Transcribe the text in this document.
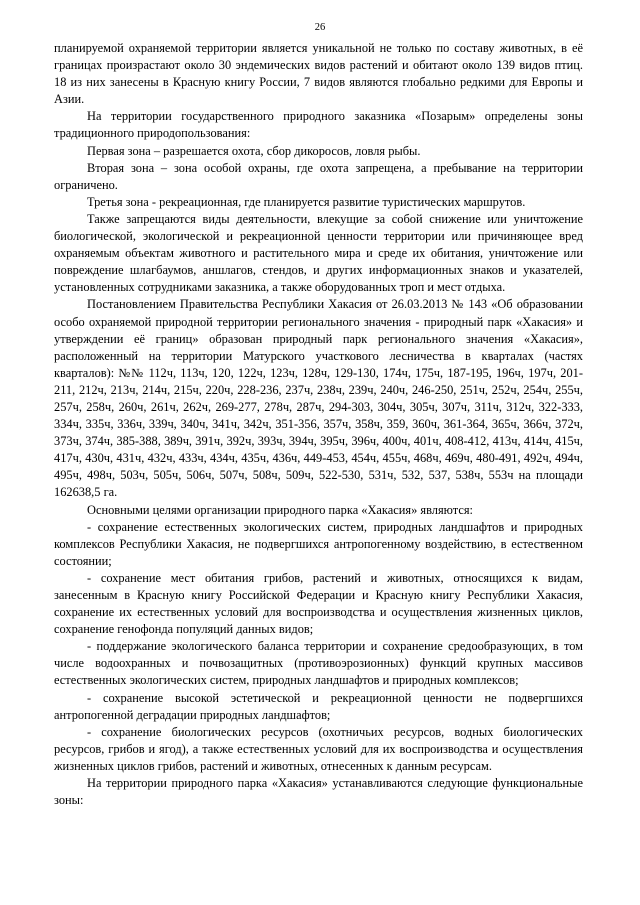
26

планируемой охраняемой территории является уникальной не только по составу животных, в её границах произрастают около 30 эндемических видов растений и обитают около 139 видов птиц. 18 из них занесены в Красную книгу России, 7 видов являются глобально редкими для Европы и Азии.

На территории государственного природного заказника «Позарым» определены зоны традиционного природопользования:

Первая зона – разрешается охота, сбор дикоросов, ловля рыбы.

Вторая зона – зона особой охраны, где охота запрещена, а пребывание на территории ограничено.

Третья зона - рекреационная, где планируется развитие туристических маршрутов.

Также запрещаются виды деятельности, влекущие за собой снижение или уничтожение биологической, экологической и рекреационной ценности территории или причиняющее вред охраняемым объектам животного и растительного мира и среде их обитания, уничтожение или повреждение шлагбаумов, аншлагов, стендов, и других информационных знаков и указателей, установленных сотрудниками заказника, а также оборудованных троп и мест отдыха.

Постановлением Правительства Республики Хакасия от 26.03.2013 № 143 «Об образовании особо охраняемой природной территории регионального значения - природный парк «Хакасия» и утверждении её границ» образован природный парк регионального значения «Хакасия», расположенный на территории Матурского участкового лесничества в кварталах (частях кварталов): №№ 112ч, 113ч, 120, 122ч, 123ч, 128ч, 129-130, 174ч, 175ч, 187-195, 196ч, 197ч, 201-211, 212ч, 213ч, 214ч, 215ч, 220ч, 228-236, 237ч, 238ч, 239ч, 240ч, 246-250, 251ч, 252ч, 254ч, 255ч, 257ч, 258ч, 260ч, 261ч, 262ч, 269-277, 278ч, 287ч, 294-303, 304ч, 305ч, 307ч, 311ч, 312ч, 322-333, 334ч, 335ч, 336ч, 339ч, 340ч, 341ч, 342ч, 351-356, 357ч, 358ч, 359, 360ч, 361-364, 365ч, 366ч, 372ч, 373ч, 374ч, 385-388, 389ч, 391ч, 392ч, 393ч, 394ч, 395ч, 396ч, 400ч, 401ч, 408-412, 413ч, 414ч, 415ч, 417ч, 430ч, 431ч, 432ч, 433ч, 434ч, 435ч, 436ч, 449-453, 454ч, 455ч, 468ч, 469ч, 480-491, 492ч, 494ч, 495ч, 498ч, 503ч, 505ч, 506ч, 507ч, 508ч, 509ч, 522-530, 531ч, 532, 537, 538ч, 553ч на площади 162638,5 га.

Основными целями организации природного парка «Хакасия» являются:

- сохранение естественных экологических систем, природных ландшафтов и природных комплексов Республики Хакасия, не подвергшихся антропогенному воздействию, в естественном состоянии;

- сохранение мест обитания грибов, растений и животных, относящихся к видам, занесенным в Красную книгу Российской Федерации и Красную книгу Республики Хакасия, сохранение их естественных условий для воспроизводства и осуществления жизненных циклов, сохранение генофонда популяций данных видов;

- поддержание экологического баланса территории и сохранение средообразующих, в том числе водоохранных и почвозащитных (противоэрозионных) функций крупных массивов естественных экологических систем, природных ландшафтов и природных комплексов;

- сохранение высокой эстетической и рекреационной ценности не подвергшихся антропогенной деградации природных ландшафтов;

- сохранение биологических ресурсов (охотничьих ресурсов, водных биологических ресурсов, грибов и ягод), а также естественных условий для их воспроизводства и осуществления жизненных циклов грибов, растений и животных, отнесенных к данным ресурсам.

На территории природного парка «Хакасия» устанавливаются следующие функциональные зоны:
